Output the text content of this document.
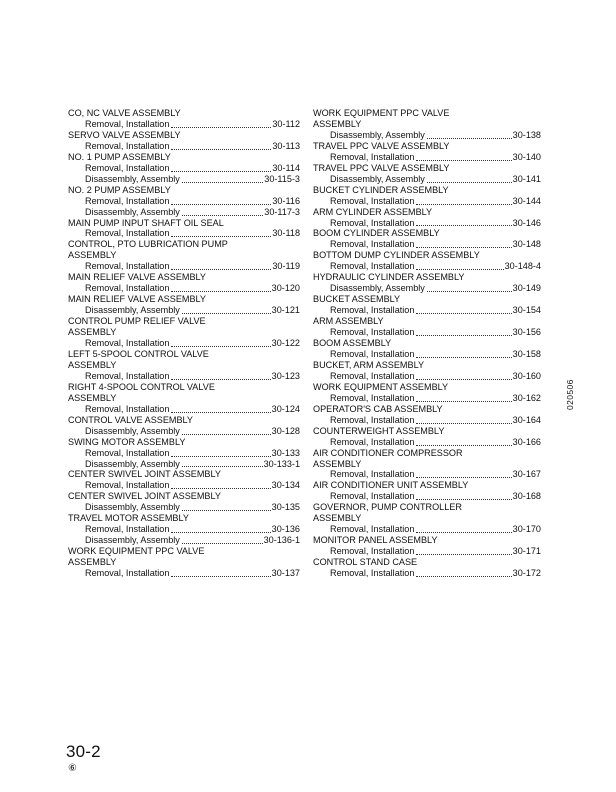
CO, NC VALVE ASSEMBLY
Removal, Installation	30-112
SERVO VALVE ASSEMBLY
Removal, Installation	30-113
NO. 1 PUMP ASSEMBLY
Removal, Installation	30-114
Disassembly, Assembly	30-115-3
NO. 2 PUMP ASSEMBLY
Removal, Installation	30-116
Disassembly, Assembly	30-117-3
MAIN PUMP INPUT SHAFT OIL SEAL
Removal, Installation	30-118
CONTROL, PTO LUBRICATION PUMP
ASSEMBLY
Removal, Installation	30-119
MAIN RELIEF VALVE ASSEMBLY
Removal, Installation	30-120
MAIN RELIEF VALVE ASSEMBLY
Disassembly, Assembly	30-121
CONTROL PUMP RELIEF VALVE
ASSEMBLY
Removal, Installation	30-122
LEFT 5-SPOOL CONTROL VALVE
ASSEMBLY
Removal, Installation	30-123
RIGHT 4-SPOOL CONTROL VALVE
ASSEMBLY
Removal, Installation	30-124
CONTROL VALVE ASSEMBLY
Disassembly, Assembly	30-128
SWING MOTOR ASSEMBLY
Removal, Installation	30-133
Disassembly, Assembly	30-133-1
CENTER SWIVEL JOINT ASSEMBLY
Removal, Installation	30-134
CENTER SWIVEL JOINT ASSEMBLY
Disassembly, Assembly	30-135
TRAVEL MOTOR ASSEMBLY
Removal, Installation	30-136
Disassembly, Assembly	30-136-1
WORK EQUIPMENT PPC VALVE
ASSEMBLY
Removal, Installation	30-137
WORK EQUIPMENT PPC VALVE
ASSEMBLY
Disassembly, Assembly	30-138
TRAVEL PPC VALVE ASSEMBLY
Removal, Installation	30-140
TRAVEL PPC VALVE ASSEMBLY
Disassembly, Assembly	30-141
BUCKET CYLINDER ASSEMBLY
Removal, Installation	30-144
ARM CYLINDER ASSEMBLY
Removal, Installation	30-146
BOOM CYLINDER ASSEMBLY
Removal, Installation	30-148
BOTTOM DUMP CYLINDER ASSEMBLY
Removal, Installation	30-148-4
HYDRAULIC CYLINDER ASSEMBLY
Disassembly, Assembly	30-149
BUCKET ASSEMBLY
Removal, Installation	30-154
ARM ASSEMBLY
Removal, Installation	30-156
BOOM ASSEMBLY
Removal, Installation	30-158
BUCKET, ARM ASSEMBLY
Removal, Installation	30-160
WORK EQUIPMENT ASSEMBLY
Removal, Installation	30-162
OPERATOR'S CAB ASSEMBLY
Removal, Installation	30-164
COUNTERWEIGHT ASSEMBLY
Removal, Installation	30-166
AIR CONDITIONER COMPRESSOR
ASSEMBLY
Removal, Installation	30-167
AIR CONDITIONER UNIT ASSEMBLY
Removal, Installation	30-168
GOVERNOR, PUMP CONTROLLER
ASSEMBLY
Removal, Installation	30-170
MONITOR PANEL ASSEMBLY
Removal, Installation	30-171
CONTROL STAND CASE
Removal, Installation	30-172
020506
30-2
⑥
